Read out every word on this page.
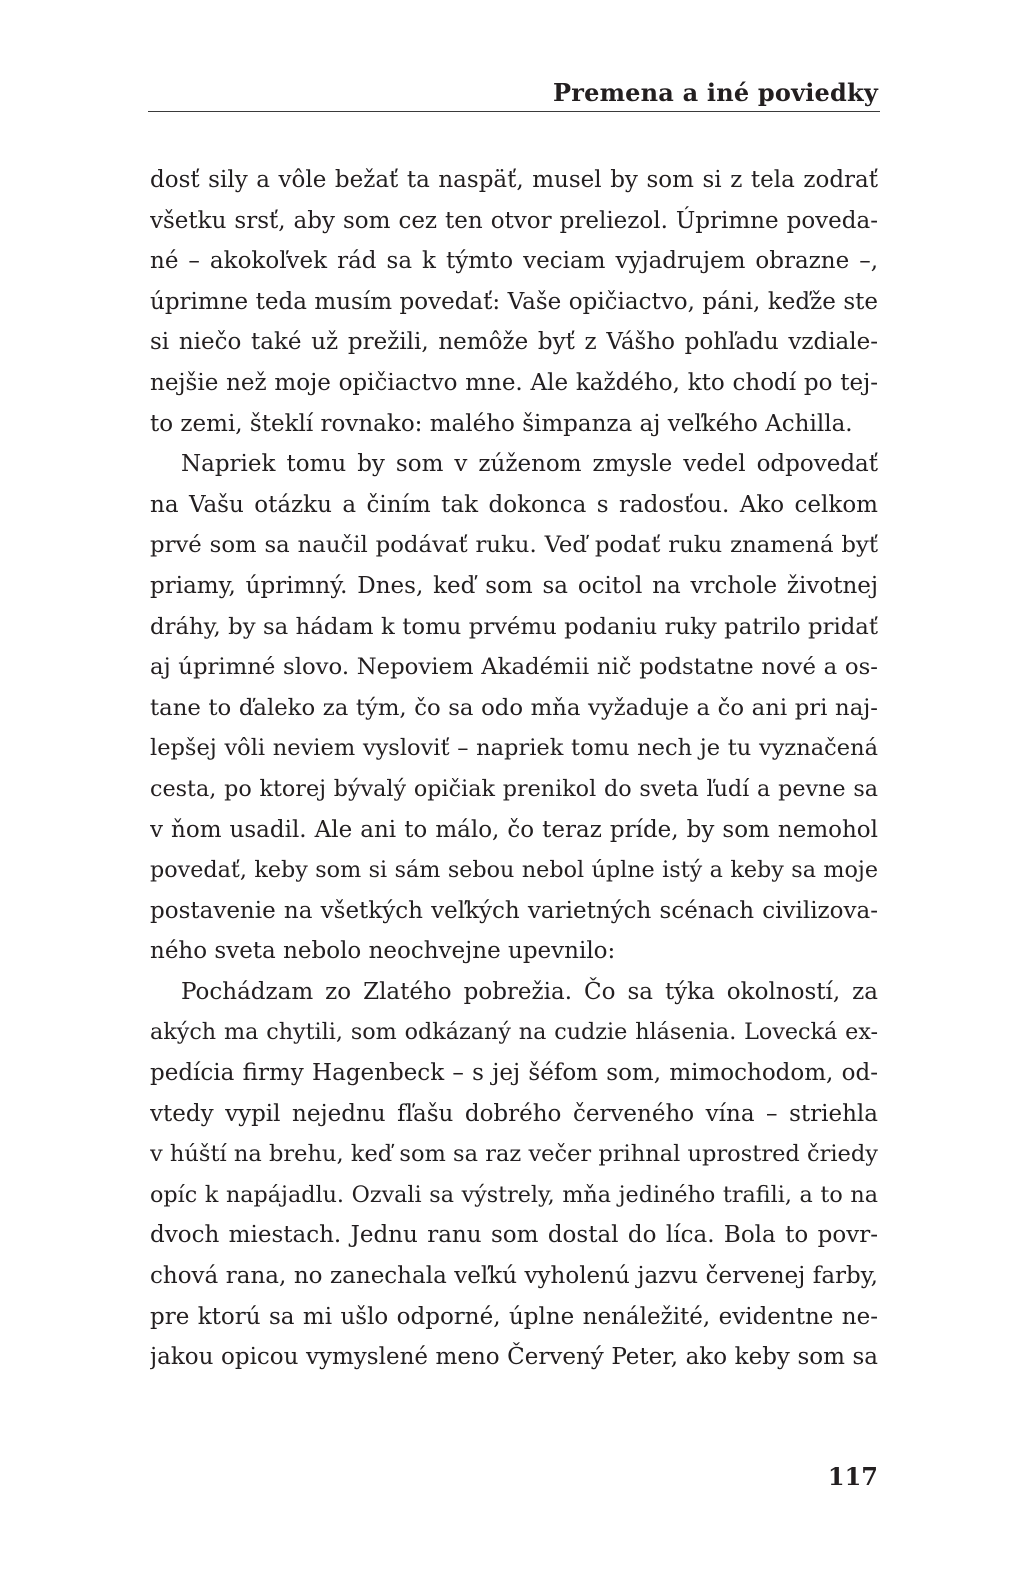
Premena a iné poviedky
dosť sily a vôle bežať ta naspäť, musel by som si z tela zodrať
všetku srsť, aby som cez ten otvor preliezol. Úprimne poveda-
né – akokoľvek rád sa k týmto veciam vyjadrujem obrazne –,
úprimne teda musím povedať: Vaše opičiactvo, páni, keďže ste
si niečo také už prežili, nemôže byť z Vášho pohľadu vzdiale-
nejšie než moje opičiactvo mne. Ale každého, kto chodí po tej-
to zemi, šteklí rovnako: malého šimpanza aj veľkého Achilla.
Napriek tomu by som v zúženom zmysle vedel odpovedať
na Vašu otázku a činím tak dokonca s radosťou. Ako celkom
prvé som sa naučil podávať ruku. Veď podať ruku znamená byť
priamy, úprimný. Dnes, keď som sa ocitol na vrchole životnej
dráhy, by sa hádam k tomu prvému podaniu ruky patrilo pridať
aj úprimné slovo. Nepoviem Akadémii nič podstatne nové a os-
tane to ďaleko za tým, čo sa odo mňa vyžaduje a čo ani pri naj-
lepšej vôli neviem vysloviť – napriek tomu nech je tu vyznačená
cesta, po ktorej bývalý opičiak prenikol do sveta ľudí a pevne sa
v ňom usadil. Ale ani to málo, čo teraz príde, by som nemohol
povedať, keby som si sám sebou nebol úplne istý a keby sa moje
postavenie na všetkých veľkých varietných scénach civilizova-
ného sveta nebolo neochvejne upevnilo:
Pochádzam zo Zlatého pobrežia. Čo sa týka okolností, za
akých ma chytili, som odkázaný na cudzie hlásenia. Lovecká ex-
pedícia firmy Hagenbeck – s jej šéfom som, mimochodom, od-
vtedy vypil nejednu fľašu dobrého červeného vína – striehla
v húští na brehu, keď som sa raz večer prihnal uprostred čriedy
opíc k napájadlu. Ozvali sa výstrely, mňa jediného trafili, a to na
dvoch miestach. Jednu ranu som dostal do líca. Bola to povr-
chová rana, no zanechala veľkú vyholenú jazvu červenej farby,
pre ktorú sa mi ušlo odporné, úplne nenáležité, evidentne ne-
jakou opicou vymyslené meno Červený Peter, ako keby som sa
117
